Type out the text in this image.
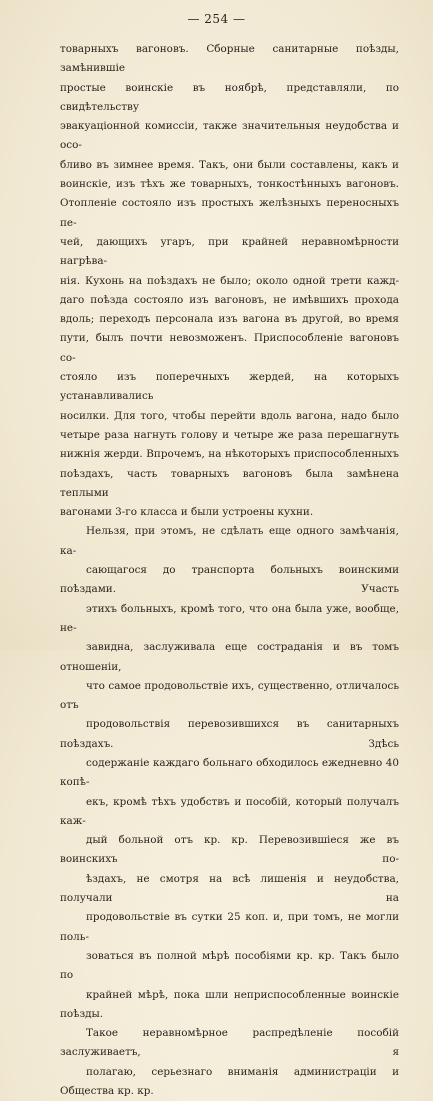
— 254 —

товарныхъ вагоновъ. Сборные санитарные поѣзды, замѣнившіе
простые воинскіе въ ноябрѣ, представляли, по свидѣтельству
эвакуаціонной комиссіи, также значительныя неудобства и осо-
бливо въ зимнее время. Такъ, они были составлены, какъ и
воинскіе, изъ тѣхъ же товарныхъ, тонкостѣнныхъ вагоновъ.
Отопленіе состояло изъ простыхъ желѣзныхъ переносныхъ пе-
чей, дающихъ угаръ, при крайней неравномѣрности нагрѣва-
нія. Кухонь на поѣздахъ не было; около одной трети кажд-
даго поѣзда состояло изъ вагоновъ, не имѣвшихъ прохода
вдоль; переходъ персонала изъ вагона въ другой, во время
пути, былъ почти невозможенъ. Приспособленіе вагоновъ со-
стояло изъ поперечныхъ жердей, на которыхъ устанавливались
носилки. Для того, чтобы перейти вдоль вагона, надо было
четыре раза нагнуть голову и четыре же раза перешагнуть
нижнія жерди. Впрочемъ, на нѣкоторыхъ приспособленныхъ
поѣздахъ, часть товарныхъ вагоновъ была замѣнена теплыми
вагонами 3-го класса и были устроены кухни.

Нельзя, при этомъ, не сдѣлать еще одного замѣчанія, ка-
сающагося до транспорта больныхъ воинскими поѣздами. Участь
этихъ больныхъ, кромѣ того, что она была уже, вообще, не-
завидна, заслуживала еще состраданія и въ томъ отношеніи,
что самое продовольствіе ихъ, существенно, отличалось отъ
продовольствія перевозившихся въ санитарныхъ поѣздахъ. Здѣсь
содержаніе каждаго больнаго обходилось ежедневно 40 копѣ-
екъ, кромѣ тѣхъ удобствъ и пособій, который получалъ каж-
дый больной отъ кр. кр. Перевозившіеся же въ воинскихъ по-
ѣздахъ, не смотря на всѣ лишенія и неудобства, получали на
продовольствіе въ сутки 25 коп. и, при томъ, не могли поль-
зоваться въ полной мѣрѣ пособіями кр. кр. Такъ было по
крайней мѣрѣ, пока шли неприспособленные воинскіе поѣзды.
Такое неравномѣрное распредѣленіе пособій заслуживаетъ, я
полагаю, серьезнаго вниманія администраціи и Общества кр. кр.
